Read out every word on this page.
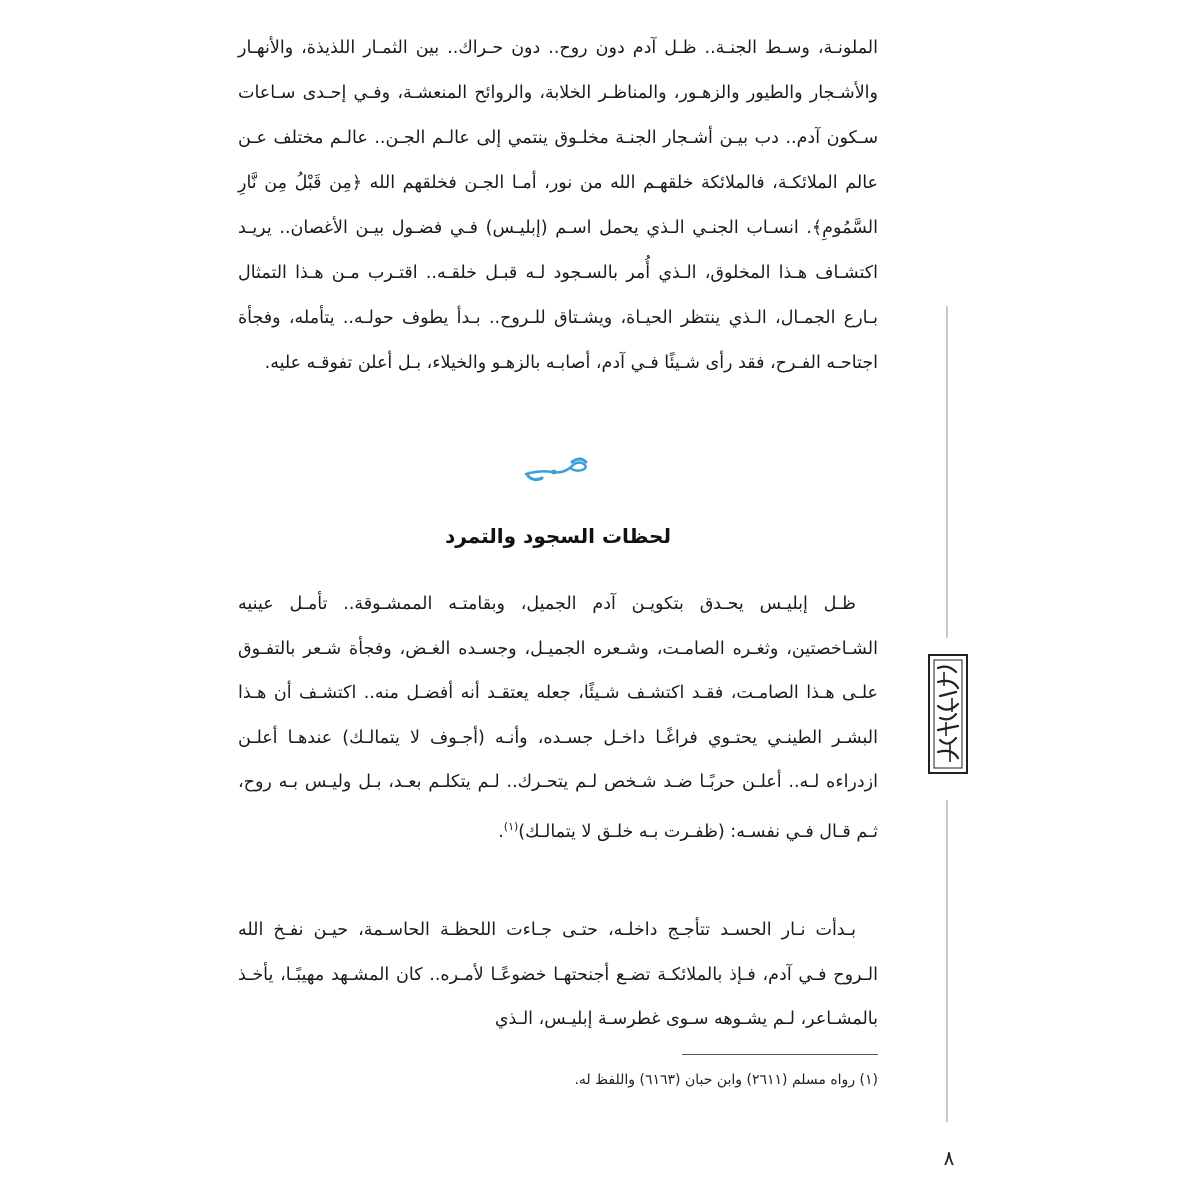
الملونـة، وسـط الجنـة.. ظـل آدم دون روح.. دون حـراك.. بين الثمـار اللذيذة، والأنهـار والأشـجار والطيور والزهـور، والمناظـر الخلابة، والروائح المنعشـة، وفـي إحـدى سـاعات سـكون آدم.. دب بيـن أشـجار الجنـة مخلـوق ينتمي إلى عالـم الجـن.. عالـم مختلف عـن عالم الملائكـة، فالملائكة خلقهـم الله من نور، أمـا الجـن فخلقهم الله ﴿مِن قَبْلُ مِن نَّارِ السَّمُومِ﴾. انسـاب الجنـي الـذي يحمل اسـم (إبليـس) فـي فضـول بيـن الأغصان.. يريـد اكتشـاف هـذا المخلوق، الـذي أُمر بالسـجود لـه قبـل خلقـه.. اقتـرب مـن هـذا التمثال بـارع الجمـال، الـذي ينتظر الحيـاة، ويشـتاق للـروح.. بـدأ يطوف حولـه.. يتأمله، وفجأة اجتاحـه الفـرح، فقد رأى شـيئًا فـي آدم، أصابـه بالزهـو والخيلاء، بـل أعلن تفوقـه عليه.

لحظات السجود والتمرد

ظـل إبليـس يحـدق بتكويـن آدم الجميل، وبقامتـه الممشـوقة.. تأمـل عينيه الشـاخصتين، وثغـره الصامـت، وشـعره الجميـل، وجسـده الغـض، وفجأة شـعر بالتفـوق علـى هـذا الصامـت، فقـد اكتشـف شـيئًا، جعله يعتقـد أنه أفضـل منه.. اكتشـف أن هـذا البشـر الطينـي يحتـوي فراغًـا داخـل جسـده، وأنـه (أجـوف لا يتمالـك) عندهـا أعلـن ازدراءه لـه.. أعلـن حربًـا ضـد شـخص لـم يتحـرك.. لـم يتكلـم بعـد، بـل وليـس بـه روح، ثـم قـال فـي نفسـه: (ظفـرت بـه خلـق لا يتمالـك)$^{(١)}$.

بـدأت نـار الحسـد تتأجـج داخلـه، حتـى جـاءت اللحظـة الحاسـمة، حيـن نفـخ الله الـروح فـي آدم، فـإذ بالملائكـة تضـع أجنحتهـا خضوعًـا لأمـره.. كان المشـهد مهيبًـا، يأخـذ بالمشـاعر، لـم يشـوهه سـوى غطرسـة إبليـس، الـذي

(١) رواه مسلم (٢٦١١) وابن حبان (٦١٦٣) واللفظ له.
٨
